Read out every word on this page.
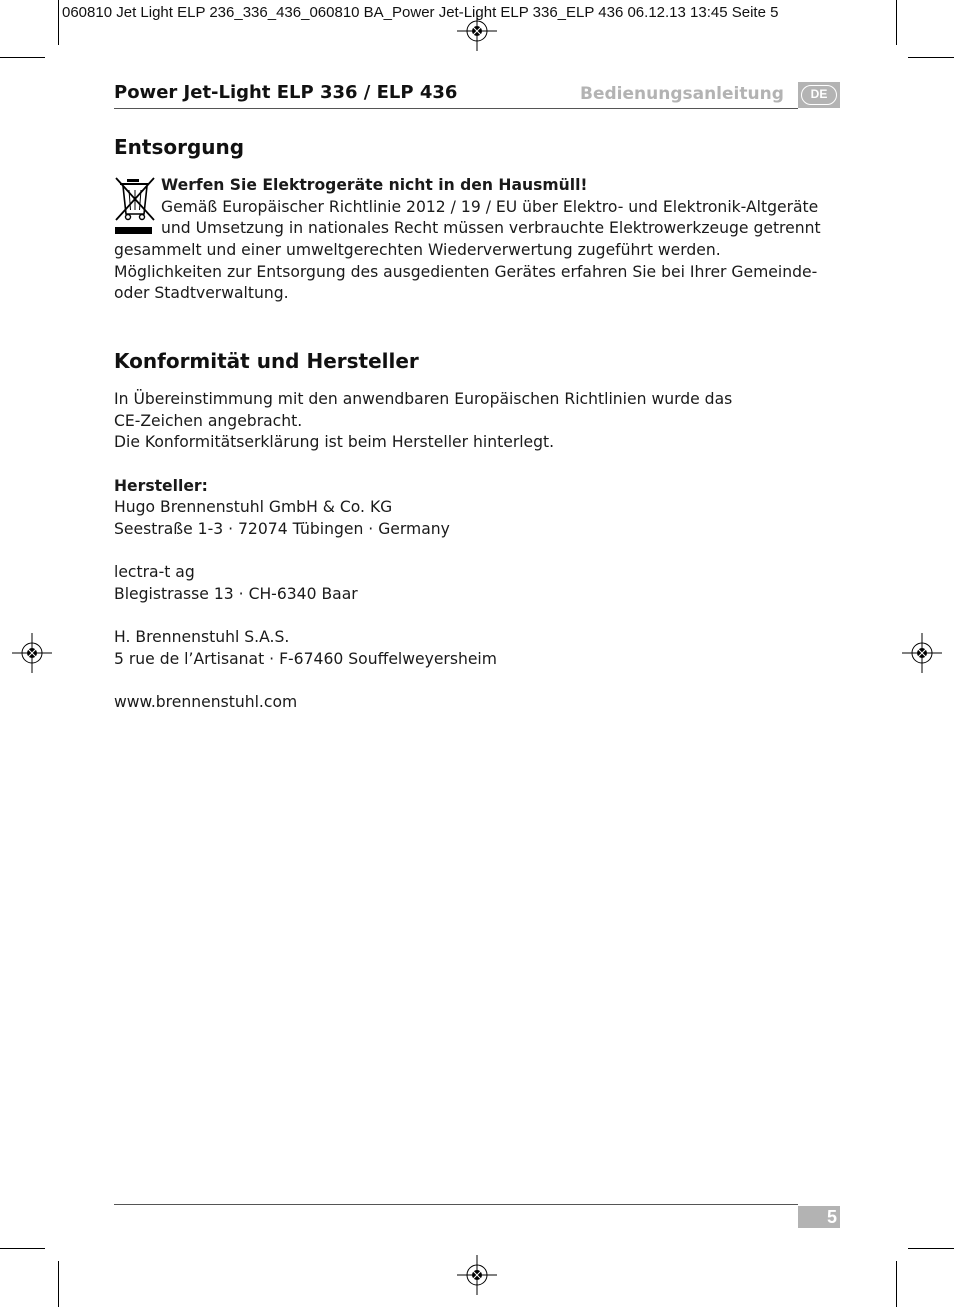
060810 Jet Light ELP 236_336_436_060810 BA_Power Jet-Light ELP 336_ELP 436 06.12.13 13:45 Seite 5
Power Jet-Light ELP 336 / ELP 436	Bedienungsanleitung	DE
Entsorgung
Werfen Sie Elektrogeräte nicht in den Hausmüll!
Gemäß Europäischer Richtlinie 2012 / 19 / EU über Elektro- und Elektronik-Altgeräte
und Umsetzung in nationales Recht müssen verbrauchte Elektrowerkzeuge getrennt
gesammelt und einer umweltgerechten Wiederverwertung zugeführt werden.
Möglichkeiten zur Entsorgung des ausgedienten Gerätes erfahren Sie bei Ihrer Gemeinde-
oder Stadtverwaltung.
Konformität und Hersteller
In Übereinstimmung mit den anwendbaren Europäischen Richtlinien wurde das
CE-Zeichen angebracht.
Die Konformitätserklärung ist beim Hersteller hinterlegt.
Hersteller:
Hugo Brennenstuhl GmbH & Co. KG
Seestraße 1-3 · 72074 Tübingen · Germany
lectra-t ag
Blegistrasse 13 · CH-6340 Baar
H. Brennenstuhl S.A.S.
5 rue de l’Artisanat · F-67460 Souffelweyersheim
www.brennenstuhl.com
5
